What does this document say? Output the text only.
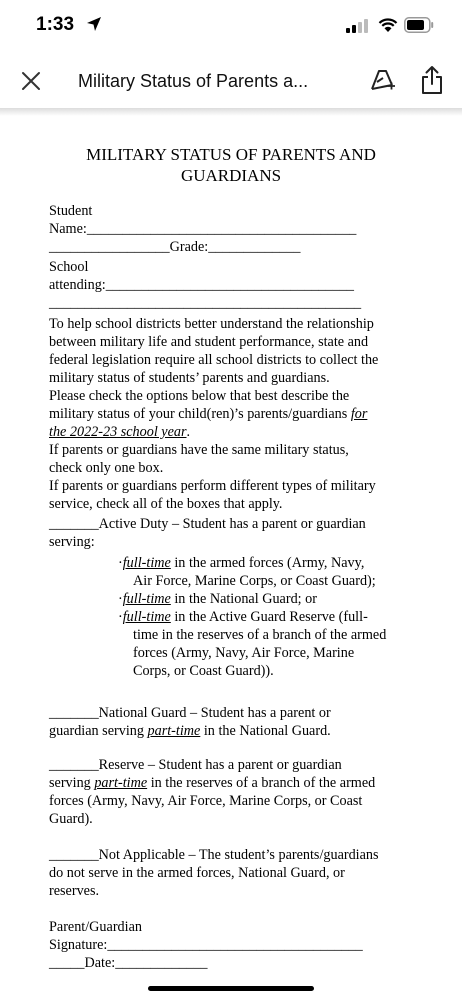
1:33
Military Status of Parents a...
MILITARY STATUS OF PARENTS AND
GUARDIANS
Student
Name:______________________________________
_________________Grade:_____________
School
attending:___________________________________
____________________________________________
To help school districts better understand the relationship
between military life and student performance, state and
federal legislation require all school districts to collect the
military status of students’ parents and guardians.
Please check the options below that best describe the
military status of your child(ren)’s parents/guardians for
the 2022-23 school year.
If parents or guardians have the same military status,
check only one box.
If parents or guardians perform different types of military
service, check all of the boxes that apply.
_______Active Duty – Student has a parent or guardian
serving:
·full-time in the armed forces (Army, Navy,
Air Force, Marine Corps, or Coast Guard);
·full-time in the National Guard; or
·full-time in the Active Guard Reserve (full-
time in the reserves of a branch of the armed
forces (Army, Navy, Air Force, Marine
Corps, or Coast Guard)).
_______National Guard – Student has a parent or
guardian serving part-time in the National Guard.
_______Reserve – Student has a parent or guardian
serving part-time in the reserves of a branch of the armed
forces (Army, Navy, Air Force, Marine Corps, or Coast
Guard).
_______Not Applicable – The student’s parents/guardians
do not serve in the armed forces, National Guard, or
reserves.
Parent/Guardian
Signature:____________________________________
_____Date:_____________
